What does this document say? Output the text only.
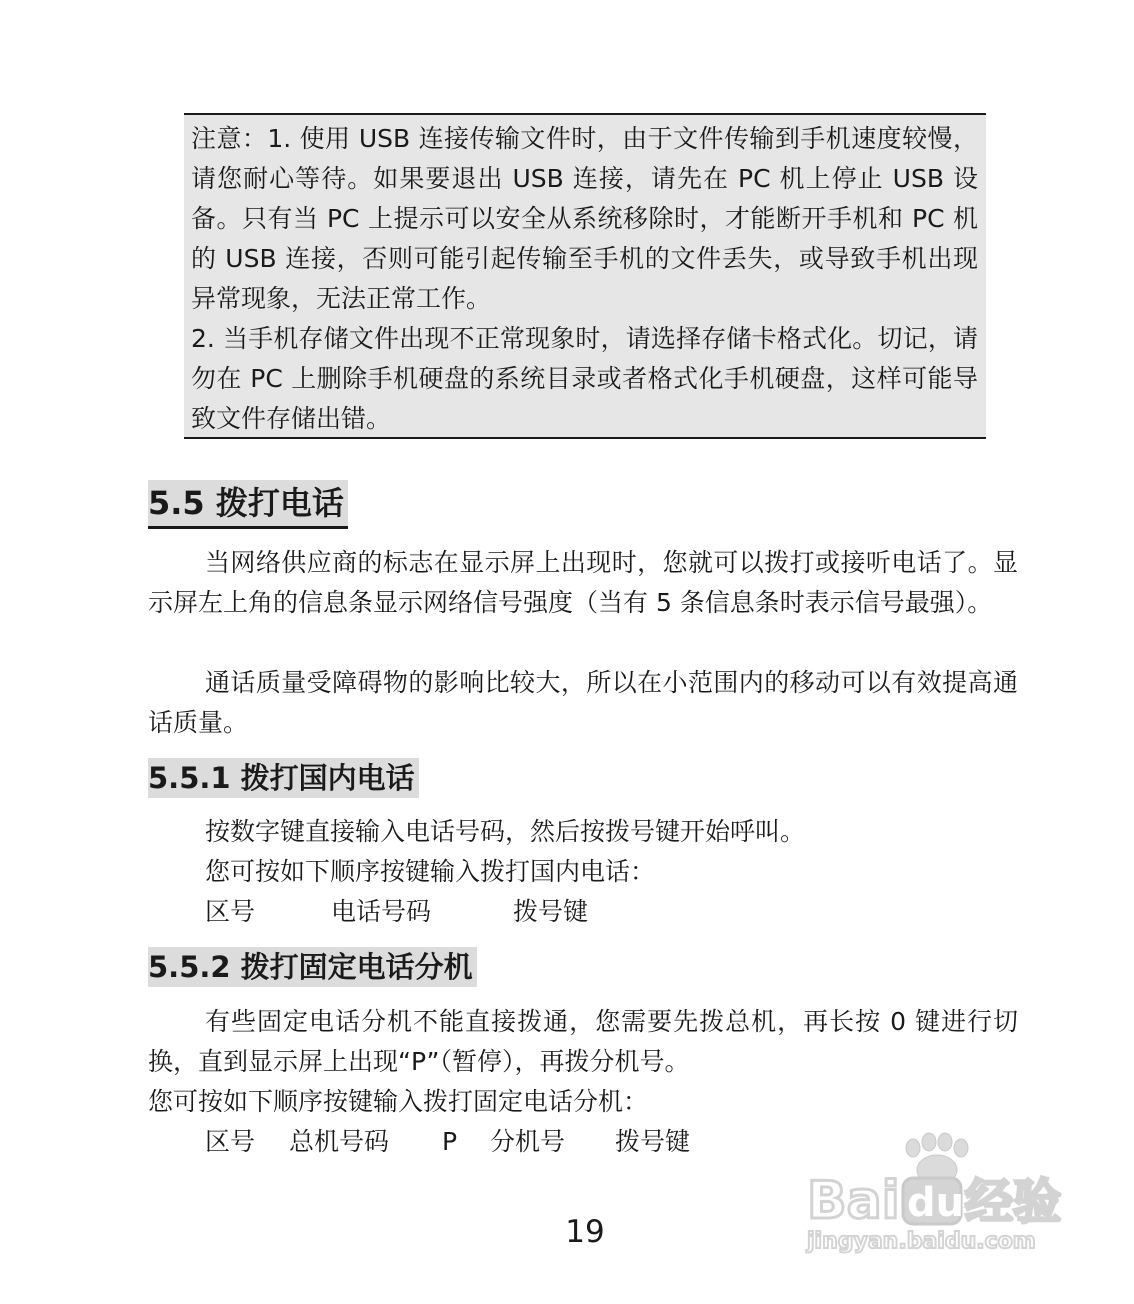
注意：1. 使用 USB 连接传输文件时，由于文件传输到手机速度较慢，请您耐心等待。如果要退出 USB 连接，请先在 PC 机上停止 USB 设备。只有当 PC 上提示可以安全从系统移除时，才能断开手机和 PC 机的 USB 连接，否则可能引起传输至手机的文件丢失，或导致手机出现异常现象，无法正常工作。

2. 当手机存储文件出现不正常现象时，请选择存储卡格式化。切记，请勿在 PC 上删除手机硬盘的系统目录或者格式化手机硬盘，这样可能导致文件存储出错。

5.5 拨打电话

当网络供应商的标志在显示屏上出现时，您就可以拨打或接听电话了。显示屏左上角的信息条显示网络信号强度（当有 5 条信息条时表示信号最强）。

通话质量受障碍物的影响比较大，所以在小范围内的移动可以有效提高通话质量。

5.5.1 拨打国内电话

按数字键直接输入电话号码，然后按拨号键开始呼叫。

您可按如下顺序按键输入拨打国内电话：

区号	电话号码	拨号键
5.5.2 拨打固定电话分机

有些固定电话分机不能直接拨通，您需要先拨总机，再长按 0 键进行切换，直到显示屏上出现“P”（暂停），再拨分机号。

您可按如下顺序按键输入拨打固定电话分机：

区号 总机号码 P 分机号 拨号键
19
Bai du 经验
jingyan.baidu.com
